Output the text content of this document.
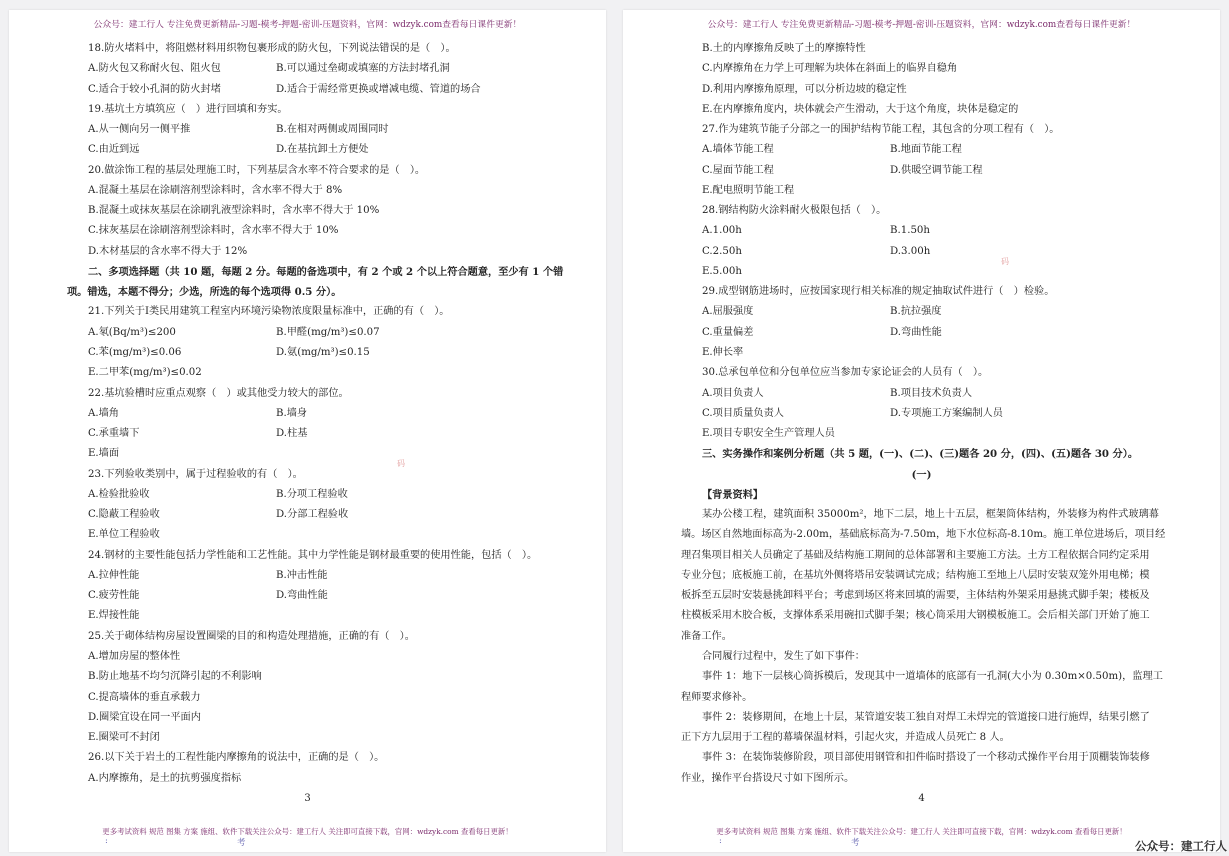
公众号：建工行人 专注免费更新精品-习题-模考-押题-密训-压题资料，官网：wdzyk.com查看每日课件更新！
码
18.防火堵料中，将阻燃材料用织物包裹形成的防火包，下列说法错误的是（　）。
A.防火包又称耐火包、阻火包	B.可以通过垒砌或填塞的方法封堵孔洞
C.适合于较小孔洞的防火封堵	D.适合于需经常更换或增减电缆、管道的场合
19.基坑土方填筑应（　）进行回填和夯实。
A.从一侧向另一侧平推	B.在相对两侧或周围同时
C.由近到远	D.在基抗卸土方便处
20.做涂饰工程的基层处理施工时，下列基层含水率不符合要求的是（　）。
A.混凝土基层在涂刷溶剂型涂料时，含水率不得大于 8%
B.混凝土或抹灰基层在涂刷乳液型涂料时，含水率不得大于 10%
C.抹灰基层在涂刷溶剂型涂料时，含水率不得大于 10%
D.木材基层的含水率不得大于 12%
二、多项选择题（共 10 题，每题 2 分。每题的备选项中，有 2 个或 2 个以上符合题意，至少有 1 个错
项。错选，本题不得分；少选，所选的每个选项得 0.5 分）。
21.下列关于Ⅰ类民用建筑工程室内环境污染物浓度限量标准中，正确的有（　）。
A.氡(Bq/m³)≤200	B.甲醛(mg/m³)≤0.07
C.苯(mg/m³)≤0.06	D.氨(mg/m³)≤0.15
E.二甲苯(mg/m³)≤0.02
22.基坑验槽时应重点观察（　）或其他受力较大的部位。
A.墙角	B.墙身
C.承重墙下	D.柱基
E.墙面
23.下列验收类别中，属于过程验收的有（　）。
A.检验批验收	B.分项工程验收
C.隐蔽工程验收	D.分部工程验收
E.单位工程验收
24.钢材的主要性能包括力学性能和工艺性能。其中力学性能是钢材最重要的使用性能，包括（　）。
A.拉伸性能	B.冲击性能
C.疲劳性能	D.弯曲性能
E.焊接性能
25.关于砌体结构房屋设置圈梁的目的和构造处理措施，正确的有（　）。
A.增加房屋的整体性
B.防止地基不均匀沉降引起的不利影响
C.提高墙体的垂直承载力
D.圈梁宜设在同一平面内
E.圈梁可不封闭
26.以下关于岩土的工程性能内摩擦角的说法中，正确的是（　）。
A.内摩擦角，是土的抗剪强度指标
3
更多考试资料 规范 图集 方案 施组、软件下载关注公众号：建工行人 关注即可直接下载，官网：wdzyk.com 查看每日更新！
:	考
公众号：建工行人 专注免费更新精品-习题-模考-押题-密训-压题资料，官网：wdzyk.com查看每日课件更新！
码
B.土的内摩擦角反映了土的摩擦特性
C.内摩擦角在力学上可理解为块体在斜面上的临界自稳角
D.利用内摩擦角原理，可以分析边坡的稳定性
E.在内摩擦角度内，块体就会产生滑动，大于这个角度，块体是稳定的
27.作为建筑节能子分部之一的围护结构节能工程，其包含的分项工程有（　）。
A.墙体节能工程	B.地面节能工程
C.屋面节能工程	D.供暖空调节能工程
E.配电照明节能工程
28.钢结构防火涂料耐火极限包括（　）。
A.1.00h	B.1.50h
C.2.50h	D.3.00h
E.5.00h
29.成型钢筋进场时，应按国家现行相关标准的规定抽取试件进行（　）检验。
A.屈服强度	B.抗拉强度
C.重量偏差	D.弯曲性能
E.伸长率
30.总承包单位和分包单位应当参加专家论证会的人员有（　）。
A.项目负责人	B.项目技术负责人
C.项目质量负责人	D.专项施工方案编制人员
E.项目专职安全生产管理人员
三、实务操作和案例分析题（共 5 题，(一)、(二)、(三)题各 20 分，(四)、(五)题各 30 分）。
(一)
【背景资料】
某办公楼工程，建筑面积 35000m²，地下二层，地上十五层，框架筒体结构，外装修为构件式玻璃幕
墙。场区自然地面标高为-2.00m，基础底标高为-7.50m，地下水位标高-8.10m。施工单位进场后，项目经
理召集项目相关人员确定了基础及结构施工期间的总体部署和主要施工方法。土方工程依据合同约定采用
专业分包；底板施工前，在基坑外侧将塔吊安装调试完成；结构施工至地上八层时安装双笼外用电梯；模
板拆至五层时安装悬挑卸料平台；考虑到场区将来回填的需要，主体结构外架采用悬挑式脚手架；楼板及
柱模板采用木胶合板，支撑体系采用碗扣式脚手架；核心筒采用大钢模板施工。会后相关部门开始了施工
准备工作。
合同履行过程中，发生了如下事件：
事件 1：地下一层核心筒拆模后，发现其中一道墙体的底部有一孔洞(大小为 0.30m×0.50m)，监理工
程师要求修补。
事件 2：装修期间，在地上十层，某管道安装工独自对焊工未焊完的管道接口进行施焊，结果引燃了
正下方九层用于工程的幕墙保温材料，引起火灾，并造成人员死亡 8 人。
事件 3：在装饰装修阶段，项目部使用钢管和扣件临时搭设了一个移动式操作平台用于顶棚装饰装修
作业，操作平台搭设尺寸如下图所示。
4
更多考试资料 规范 图集 方案 施组、软件下载关注公众号：建工行人 关注即可直接下载，官网：wdzyk.com 查看每日更新！
:	考	公众号：建工行人
